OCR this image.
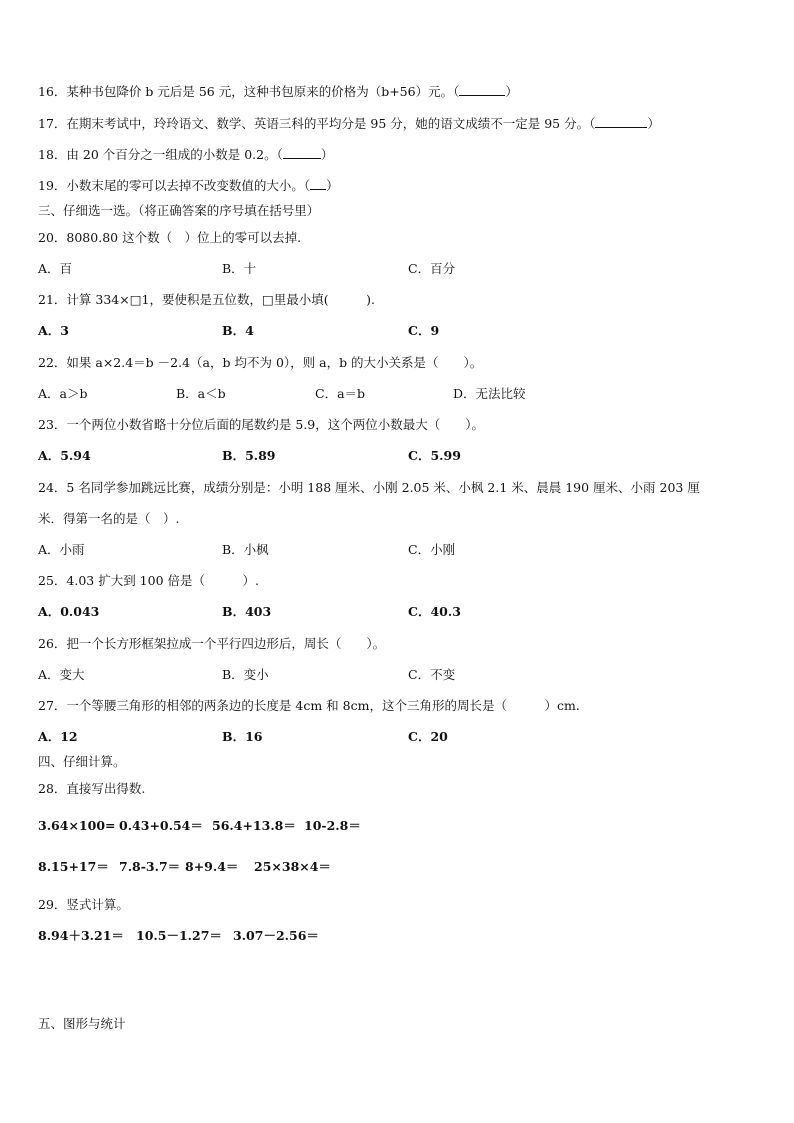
16．某种书包降价 b 元后是 56 元，这种书包原来的价格为（b+56）元。（	）
17．在期末考试中，玲玲语文、数学、英语三科的平均分是 95 分，她的语文成绩不一定是 95 分。（	）
18．由 20 个百分之一组成的小数是 0.2。（	）
19．小数末尾的零可以去掉不改变数值的大小。（ ）
三、仔细选一选。（将正确答案的序号填在括号里）
20．8080.80 这个数（　）位上的零可以去掉.
A．百	B．十	C．百分
21．计算 334×□1，要使积是五位数，□里最小填(　　　).
A．3	B．4	C．9
22．如果 a×2.4＝b －2.4（a，b 均不为 0），则 a，b 的大小关系是（　　）。
A．a＞b	B．a＜b	C．a＝b	D．无法比较
23．一个两位小数省略十分位后面的尾数约是 5.9，这个两位小数最大（　　）。
A．5.94	B．5.89	C．5.99
24．5 名同学参加跳远比赛，成绩分别是：小明 188 厘米、小刚 2.05 米、小枫 2.1 米、晨晨 190 厘米、小雨 203 厘
米．得第一名的是（　）.
A．小雨	B．小枫	C．小刚
25．4.03 扩大到 100 倍是（　　　）.
A．0.043	B．403	C．40.3
26．把一个长方形框架拉成一个平行四边形后，周长（　　）。
A．变大	B．变小	C．不变
27．一个等腰三角形的相邻的两条边的长度是 4cm 和 8cm，这个三角形的周长是（　　　）cm.
A．12	B．16	C．20
四、仔细计算。
28．直接写出得数.
3.64×100= 0.43+0.54＝ 56.4+13.8＝ 10-2.8＝
8.15+17＝ 7.8-3.7＝ 8+9.4＝ 25×38×4＝
29．竖式计算。
8.94＋3.21＝ 10.5－1.27＝ 3.07－2.56＝
五、图形与统计
